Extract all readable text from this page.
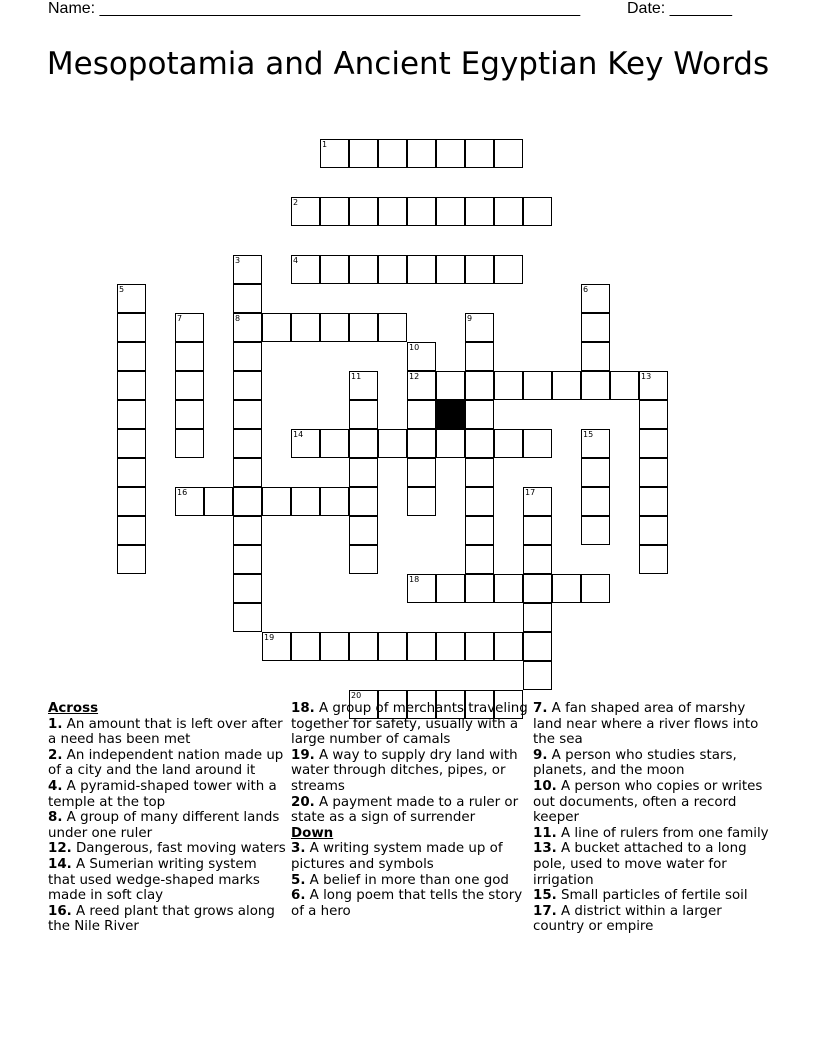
Name: ______________________________________________________	Date: _______
Mesopotamia and Ancient Egyptian Key Words
1
2
4
5
7
3
8
10
12	13
9
6
11
14	15
16	17
18
19
20
Across
1. An amount that is left over after a need has been met
2. An independent nation made up of a city and the land around it
4. A pyramid-shaped tower with a temple at the top
8. A group of many different lands under one ruler
12. Dangerous, fast moving waters
14. A Sumerian writing system that used wedge-shaped marks made in soft clay
16. A reed plant that grows along the Nile River
18. A group of merchants traveling together for safety, usually with a large number of camals
19. A way to supply dry land with water through ditches, pipes, or streams
20. A payment made to a ruler or state as a sign of surrender
Down
3. A writing system made up of pictures and symbols
5. A belief in more than one god
6. A long poem that tells the story of a hero
7. A fan shaped area of marshy land near where a river flows into the sea
9. A person who studies stars, planets, and the moon
10. A person who copies or writes out documents, often a record keeper
11. A line of rulers from one family
13. A bucket attached to a long pole, used to move water for irrigation
15. Small particles of fertile soil
17. A district within a larger country or empire
